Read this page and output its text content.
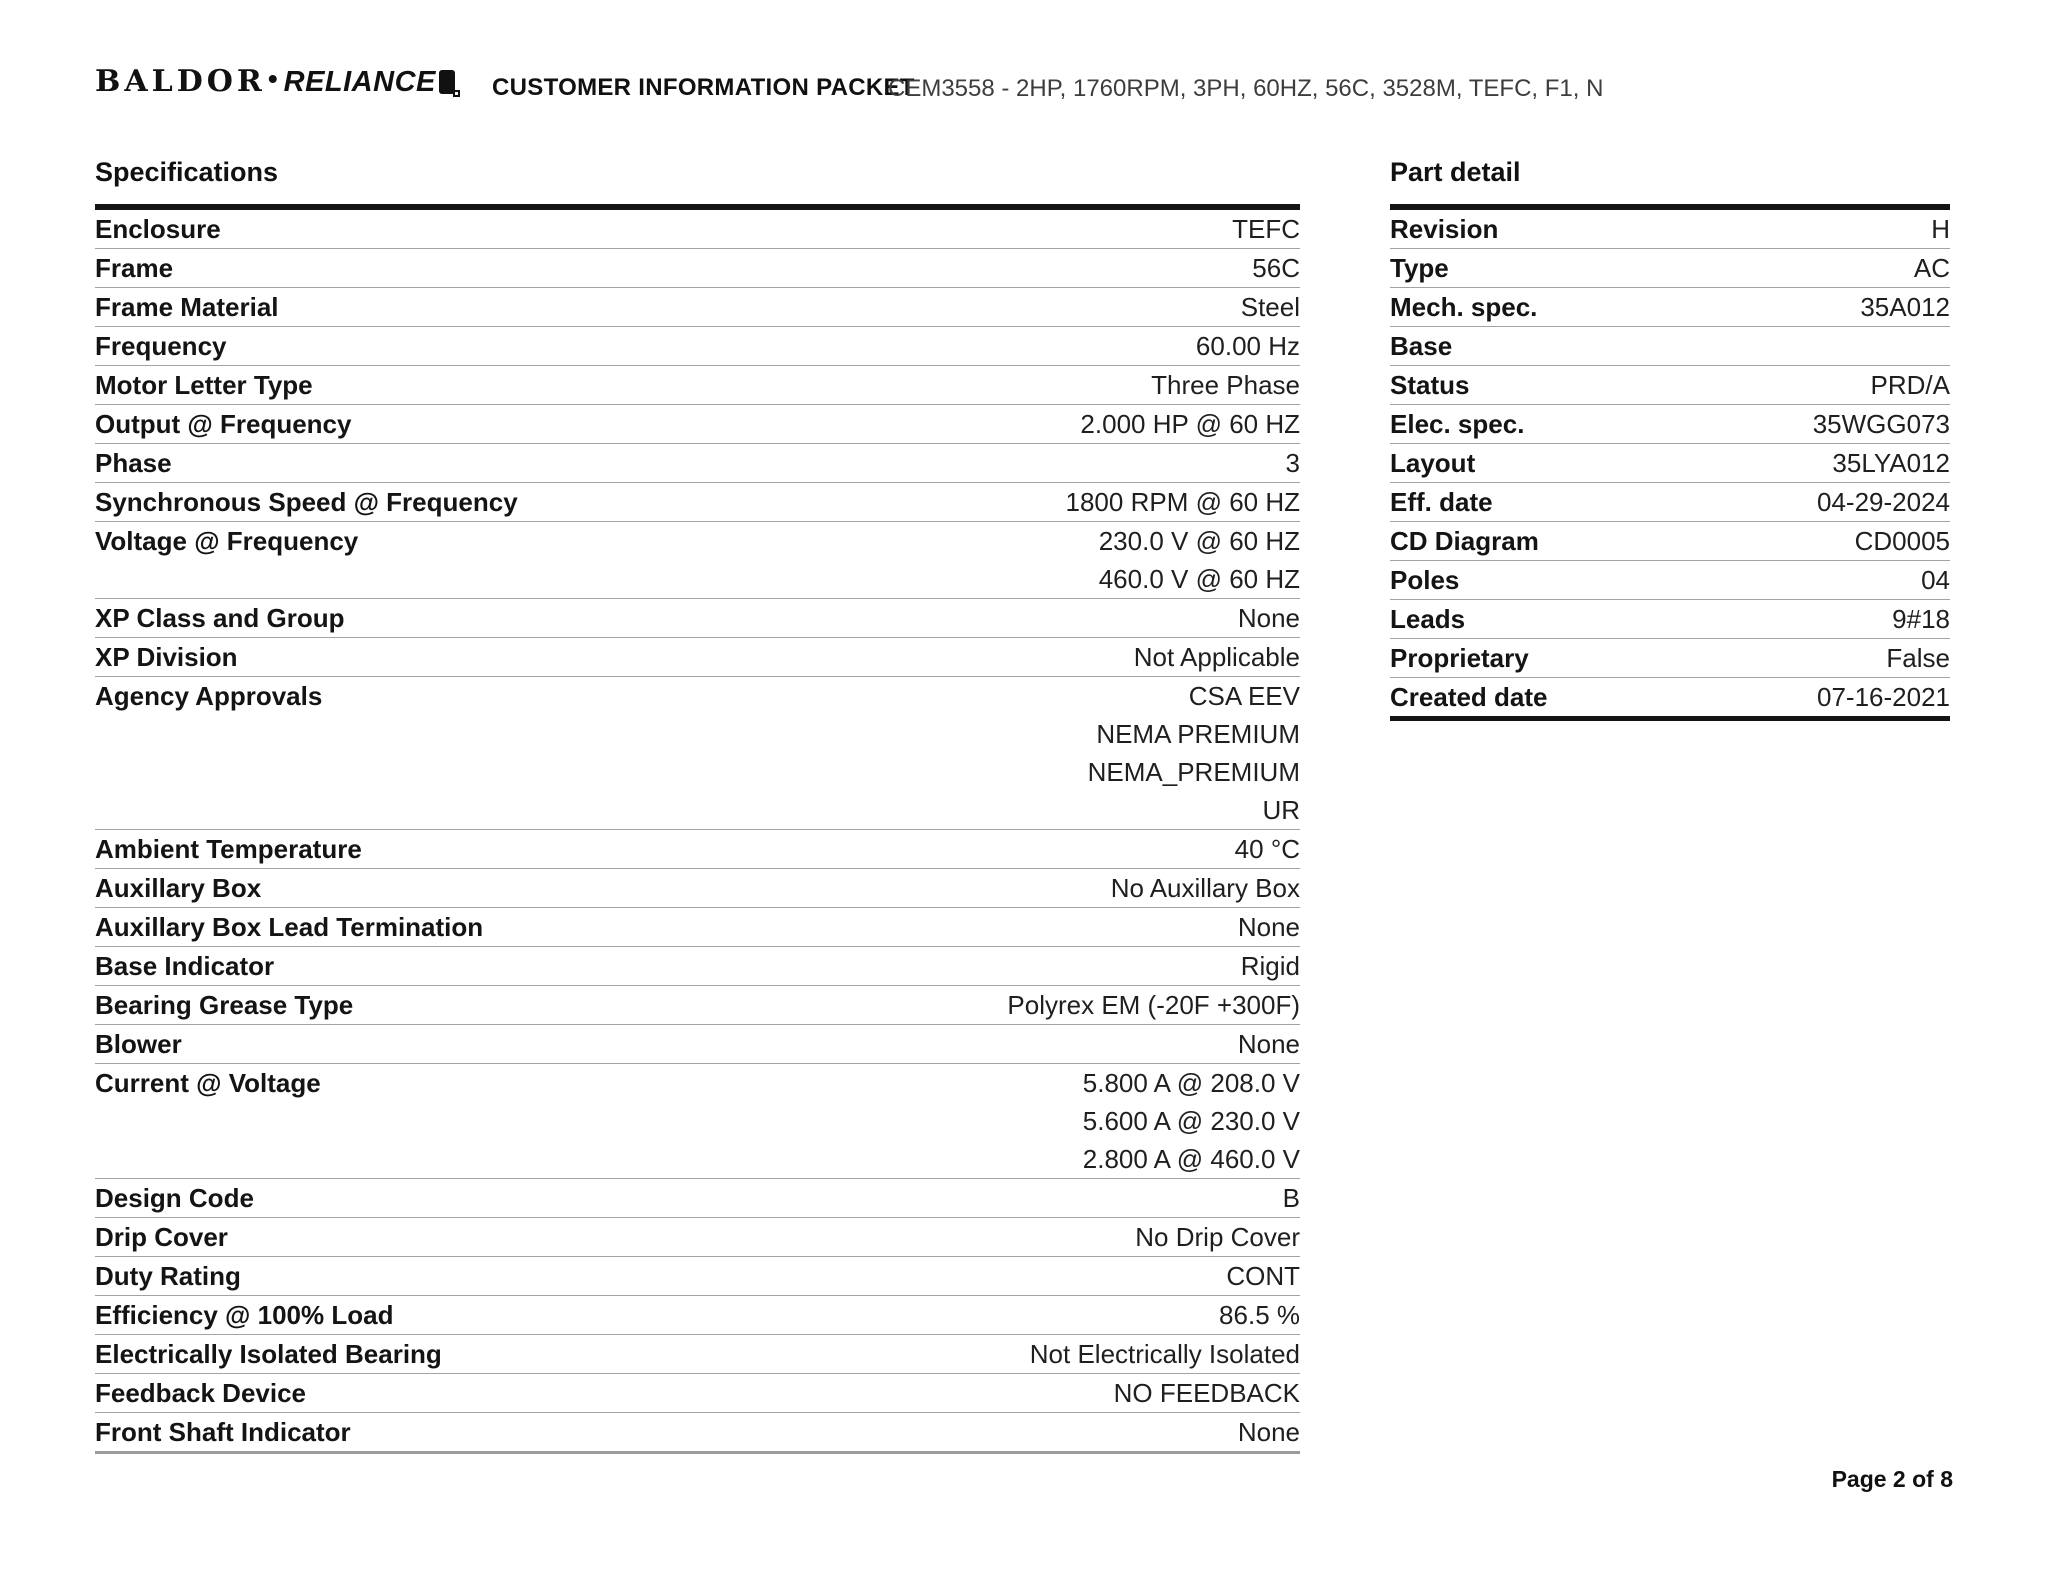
BALDOR• RELIANCE	CUSTOMER INFORMATION PACKET
CEM3558 - 2HP, 1760RPM, 3PH, 60HZ, 56C, 3528M, TEFC, F1, N
Specifications
Enclosure	TEFC
Frame	56C
Frame Material	Steel
Frequency	60.00 Hz
Motor Letter Type	Three Phase
Output @ Frequency	2.000 HP @ 60 HZ
Phase	3
Synchronous Speed @ Frequency	1800 RPM @ 60 HZ
Voltage @ Frequency	230.0 V @ 60 HZ
460.0 V @ 60 HZ
XP Class and Group	None
XP Division	Not Applicable
Agency Approvals	CSA EEV
NEMA PREMIUM
NEMA_PREMIUM
UR
Ambient Temperature	40 °C
Auxillary Box	No Auxillary Box
Auxillary Box Lead Termination	None
Base Indicator	Rigid
Bearing Grease Type	Polyrex EM (-20F +300F)
Blower	None
Current @ Voltage	5.800 A @ 208.0 V
5.600 A @ 230.0 V
2.800 A @ 460.0 V
Design Code	B
Drip Cover	No Drip Cover
Duty Rating	CONT
Efficiency @ 100% Load	86.5 %
Electrically Isolated Bearing	Not Electrically Isolated
Feedback Device	NO FEEDBACK
Front Shaft Indicator	None
Part detail
Revision	H
Type	AC
Mech. spec.	35A012
Base
Status	PRD/A
Elec. spec.	35WGG073
Layout	35LYA012
Eff. date	04-29-2024
CD Diagram	CD0005
Poles	04
Leads	9#18
Proprietary	False
Created date	07-16-2021
Page 2 of 8
